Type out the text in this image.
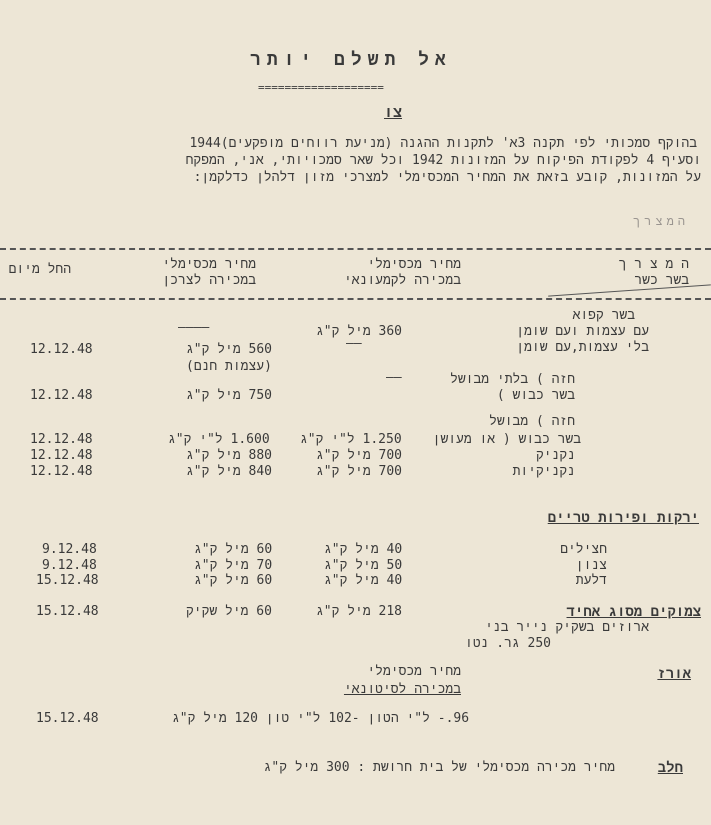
אל תשלם יותר
===================
צו
בהוקף סמכותי לפי תקנה 3א' לתקנות ההגנה (מניעת רווחים מופקעים)1944
וסעיף 4 לפקודת הפיקוח על המזונות 1942 וכל שאר סמכויותי, אני, המפקח
על המזונות, קובע בזאת את המחיר המכסימלי למצרכי מזון דלהלן כדלקמן:
המצרך
ה מ צ ר ך
בשר כשר
מחיר מכסימלי
במכירה לקמעונאי
מחיר מכסימלי
במכירה לצרכן
החל מיום
בשר קפוא
עם עצמות ועם שומן
360 מיל ק"ג
————
בלי עצמות,עם שומן
——
560 מיל ק"ג
(עצמות חנם)
12.12.48
חזה ) בלתי מבושל
בשר כבוש )
——
750 מיל ק"ג
12.12.48
חזה ) מבושל
בשר כבוש ( או מעושן
1.250 ל"י ק"ג
1.600 ל"י ק"ג
12.12.48
נקניק
700 מיל ק"ג
880 מיל ק"ג
12.12.48
נקניקיות
700 מיל ק"ג
840 מיל ק"ג
12.12.48
ירקות ופירות טריים
חצילים
40 מיל ק"ג
60 מיל ק"ג
9.12.48
צנון
50 מיל ק"ג
70 מיל ק"ג
9.12.48
דלעת
40 מיל ק"ג
60 מיל ק"ג
15.12.48
צמוקים מסוג אחיד
218 מיל ק"ג
60 מיל שקיק
15.12.48
ארוזים בשקיק נייר בני
250 גר. נטו
אורז
מחיר מכסימלי
במכירה לסיטונאי
96.- ל"י הטון -102 ל"י טון 120 מיל ק"ג
15.12.48
חלב
מחיר מכירה מכסימלי של בית חרושת : 300 מיל ק"ג
